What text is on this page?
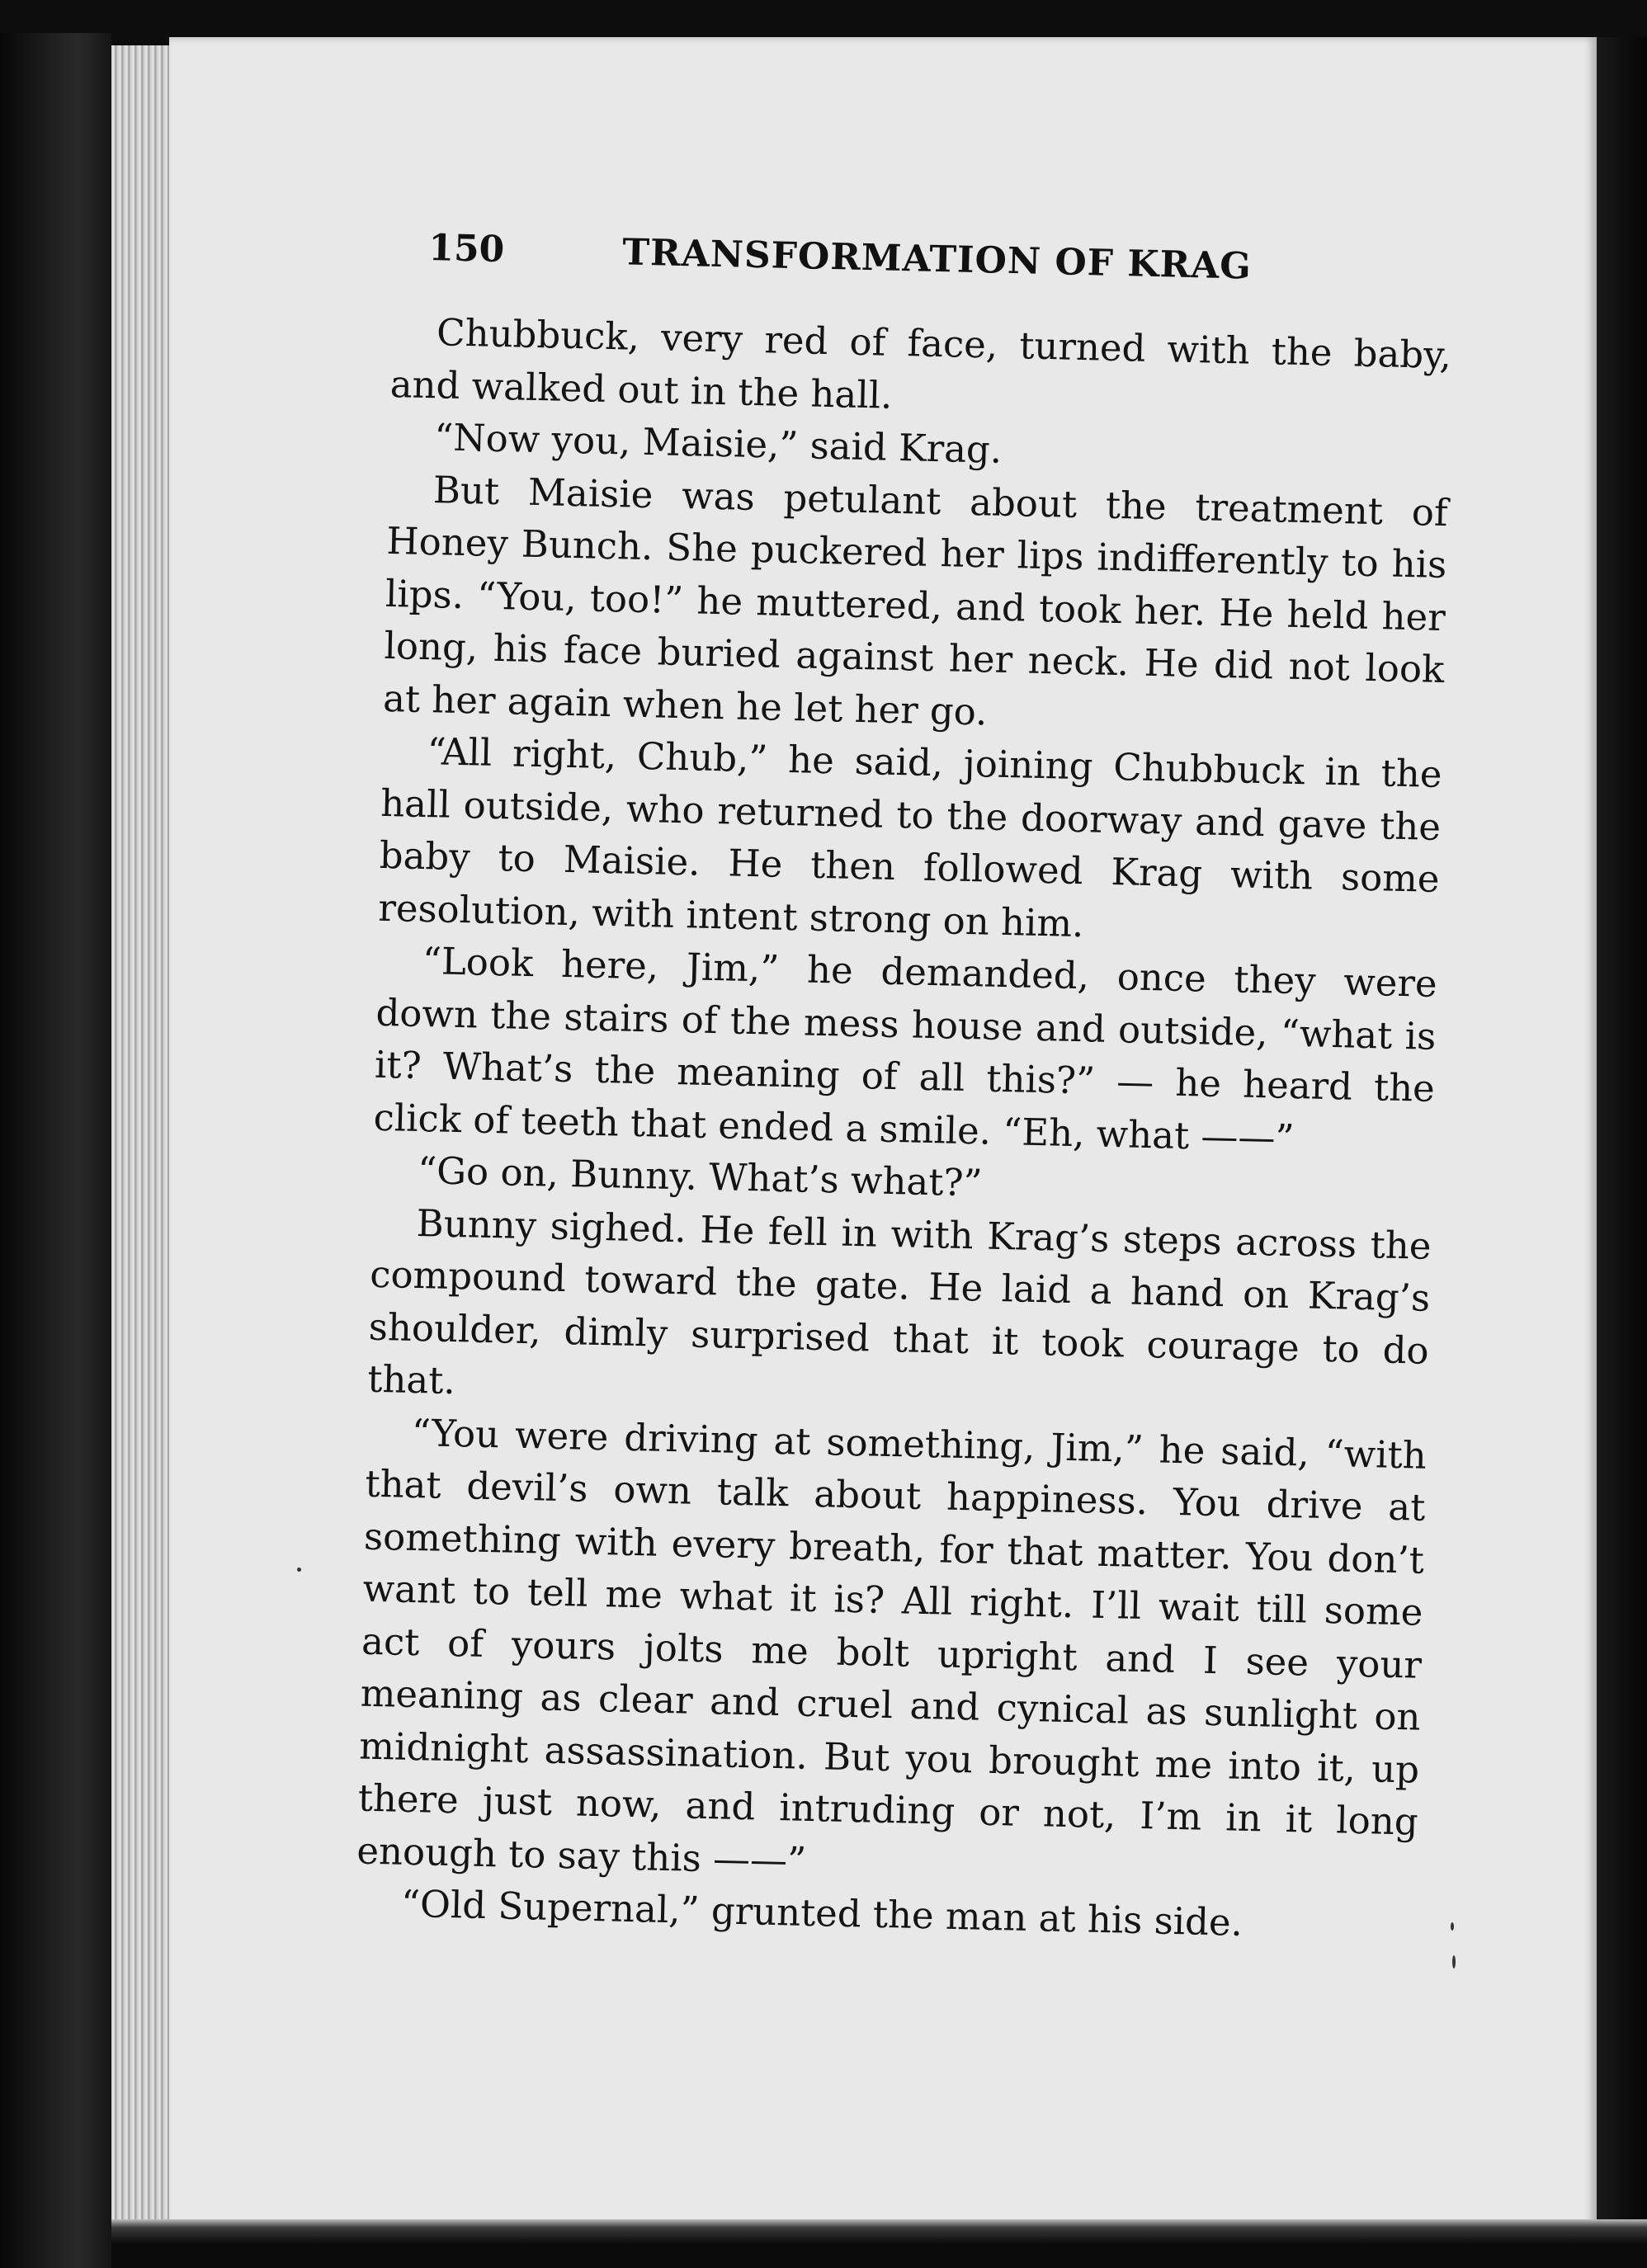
150	TRANSFORMATION OF KRAG

Chubbuck, very red of face, turned with the baby, and walked out in the hall.

“Now you, Maisie,” said Krag.

But Maisie was petulant about the treatment of Honey Bunch. She puckered her lips indifferently to his lips. “You, too!” he muttered, and took her. He held her long, his face buried against her neck. He did not look at her again when he let her go.

“All right, Chub,” he said, joining Chubbuck in the hall outside, who returned to the doorway and gave the baby to Maisie. He then followed Krag with some resolution, with intent strong on him.

“Look here, Jim,” he demanded, once they were down the stairs of the mess house and outside, “what is it? What’s the meaning of all this?” — he heard the click of teeth that ended a smile. “Eh, what ——”

“Go on, Bunny. What’s what?”

Bunny sighed. He fell in with Krag’s steps across the compound toward the gate. He laid a hand on Krag’s shoulder, dimly surprised that it took courage to do that.

“You were driving at something, Jim,” he said, “with that devil’s own talk about happiness. You drive at something with every breath, for that matter. You don’t want to tell me what it is? All right. I’ll wait till some act of yours jolts me bolt upright and I see your meaning as clear and cruel and cynical as sunlight on midnight assassination. But you brought me into it, up there just now, and intruding or not, I’m in it long enough to say this ——”

“Old Supernal,” grunted the man at his side.
